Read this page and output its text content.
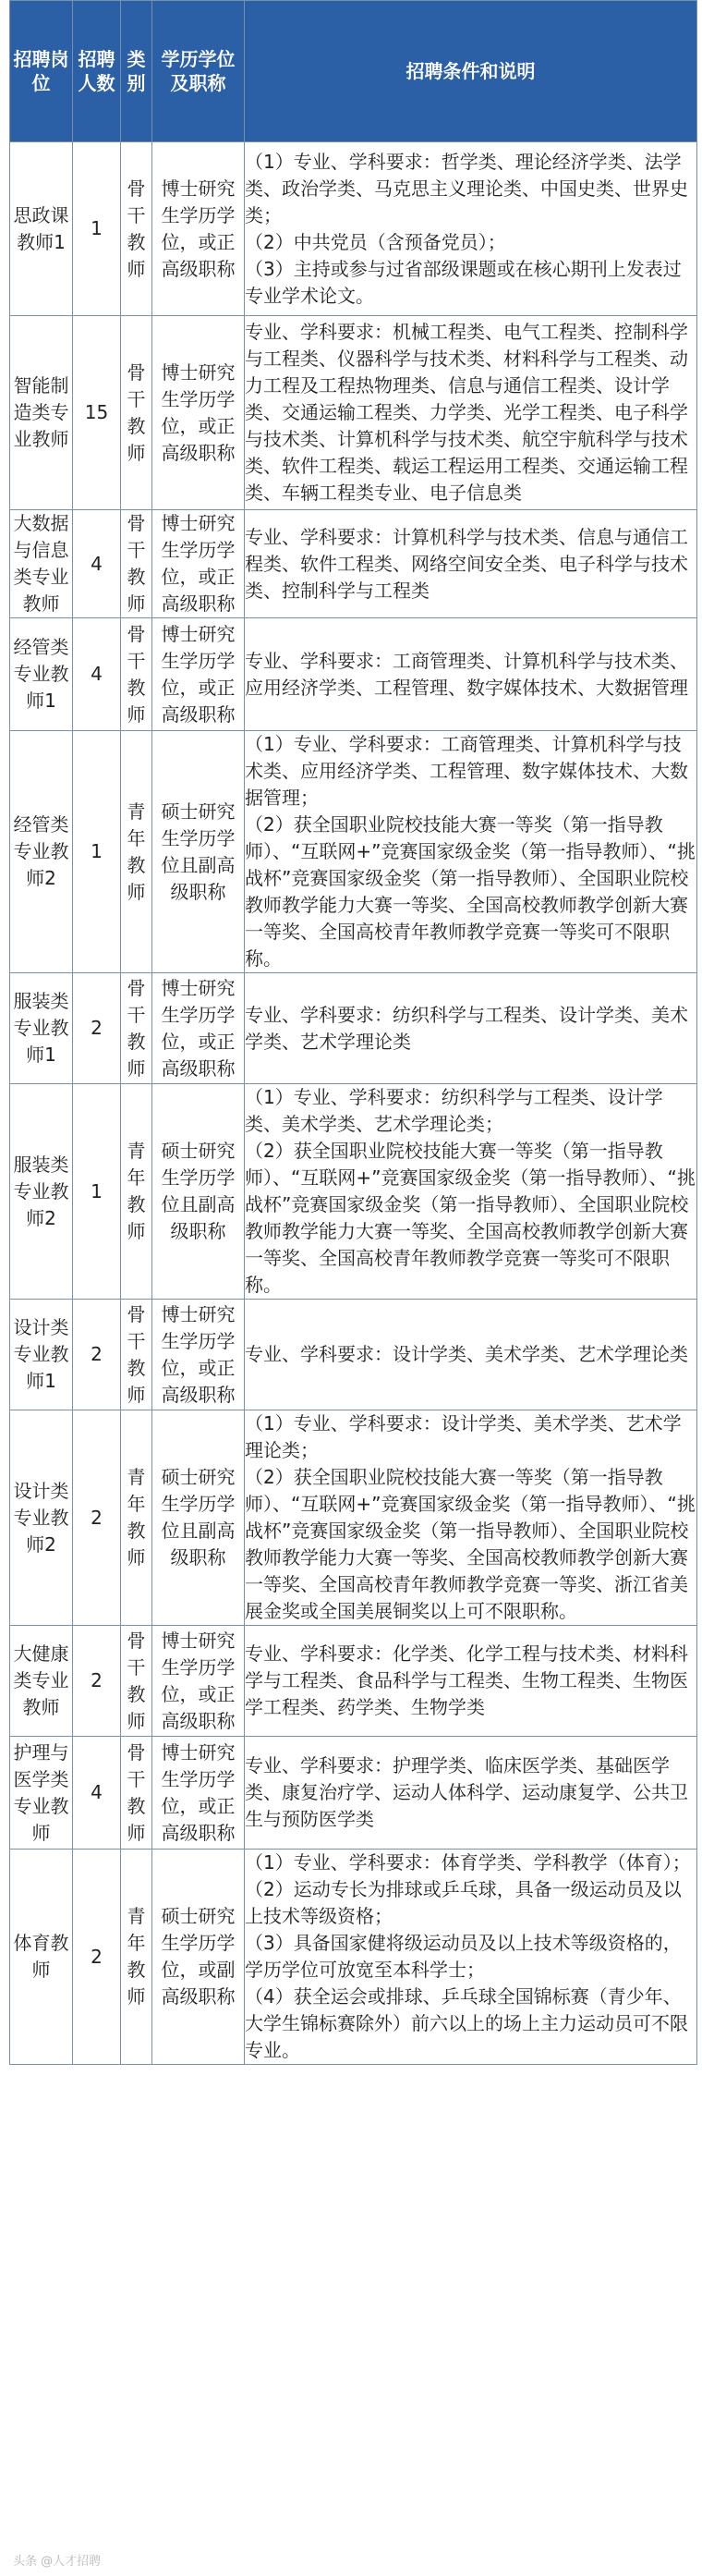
招聘岗位	招聘人数	类别	学历学位及职称	招聘条件和说明
思政课教师1	1	骨干教师	博士研究生学历学位，或正高级职称	（1）专业、学科要求：哲学类、理论经济学类、法学类、政治学类、马克思主义理论类、中国史类、世界史类；
（2）中共党员（含预备党员）；
（3）主持或参与过省部级课题或在核心期刊上发表过专业学术论文。

智能制造类专业教师	15	骨干教师	博士研究生学历学位，或正高级职称	专业、学科要求：机械工程类、电气工程类、控制科学与工程类、仪器科学与技术类、材料科学与工程类、动力工程及工程热物理类、信息与通信工程类、设计学类、交通运输工程类、力学类、光学工程类、电子科学与技术类、计算机科学与技术类、航空宇航科学与技术类、软件工程类、载运工程运用工程类、交通运输工程类、车辆工程类专业、电子信息类

大数据与信息类专业教师	4	骨干教师	博士研究生学历学位，或正高级职称	专业、学科要求：计算机科学与技术类、信息与通信工程类、软件工程类、网络空间安全类、电子科学与技术类、控制科学与工程类

经管类专业教师1	4	骨干教师	博士研究生学历学位，或正高级职称	专业、学科要求：工商管理类、计算机科学与技术类、应用经济学类、工程管理、数字媒体技术、大数据管理

经管类专业教师2	1	青年教师	硕士研究生学历学位且副高级职称	（1）专业、学科要求：工商管理类、计算机科学与技术类、应用经济学类、工程管理、数字媒体技术、大数据管理；
（2）获全国职业院校技能大赛一等奖（第一指导教师）、“互联网+”竞赛国家级金奖（第一指导教师）、“挑战杯”竞赛国家级金奖（第一指导教师）、全国职业院校教师教学能力大赛一等奖、全国高校教师教学创新大赛一等奖、全国高校青年教师教学竞赛一等奖可不限职称。

服装类专业教师1	2	骨干教师	博士研究生学历学位，或正高级职称	专业、学科要求：纺织科学与工程类、设计学类、美术学类、艺术学理论类

服装类专业教师2	1	青年教师	硕士研究生学历学位且副高级职称	（1）专业、学科要求：纺织科学与工程类、设计学类、美术学类、艺术学理论类；
（2）获全国职业院校技能大赛一等奖（第一指导教师）、“互联网+”竞赛国家级金奖（第一指导教师）、“挑战杯”竞赛国家级金奖（第一指导教师）、全国职业院校教师教学能力大赛一等奖、全国高校教师教学创新大赛一等奖、全国高校青年教师教学竞赛一等奖可不限职称。

设计类专业教师1	2	骨干教师	博士研究生学历学位，或正高级职称	专业、学科要求：设计学类、美术学类、艺术学理论类

设计类专业教师2	2	青年教师	硕士研究生学历学位且副高级职称	（1）专业、学科要求：设计学类、美术学类、艺术学理论类；
（2）获全国职业院校技能大赛一等奖（第一指导教师）、“互联网+”竞赛国家级金奖（第一指导教师）、“挑战杯”竞赛国家级金奖（第一指导教师）、全国职业院校教师教学能力大赛一等奖、全国高校教师教学创新大赛一等奖、全国高校青年教师教学竞赛一等奖、浙江省美展金奖或全国美展铜奖以上可不限职称。

大健康类专业教师	2	骨干教师	博士研究生学历学位，或正高级职称	专业、学科要求：化学类、化学工程与技术类、材料科学与工程类、食品科学与工程类、生物工程类、生物医学工程类、药学类、生物学类

护理与医学类专业教师	4	骨干教师	博士研究生学历学位，或正高级职称	专业、学科要求：护理学类、临床医学类、基础医学类、康复治疗学、运动人体科学、运动康复学、公共卫生与预防医学类

体育教师	2	青年教师	硕士研究生学历学位，或副高级职称	（1）专业、学科要求：体育学类、学科教学（体育）；
（2）运动专长为排球或乒乓球，具备一级运动员及以上技术等级资格；
（3）具备国家健将级运动员及以上技术等级资格的，学历学位可放宽至本科学士；
（4）获全运会或排球、乒乓球全国锦标赛（青少年、大学生锦标赛除外）前六以上的场上主力运动员可不限专业。
头条 @人才招聘
